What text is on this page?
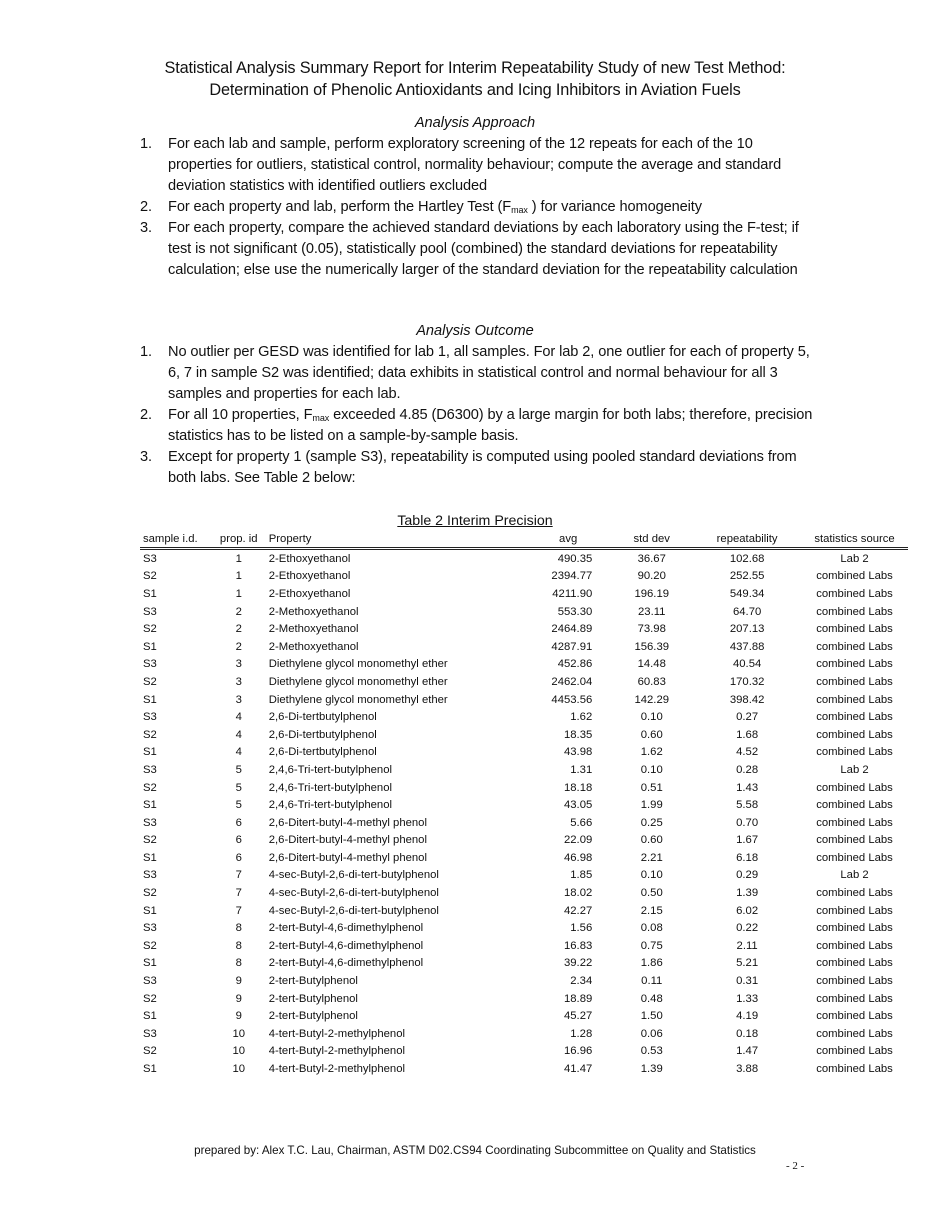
Statistical Analysis Summary Report for Interim Repeatability Study of new Test Method:
Determination of Phenolic Antioxidants and Icing Inhibitors in Aviation Fuels
Analysis Approach
1. For each lab and sample, perform exploratory screening of the 12 repeats for each of the 10 properties for outliers, statistical control, normality behaviour; compute the average and standard deviation statistics with identified outliers excluded
2. For each property and lab, perform the Hartley Test ($F_{max}$ ) for variance homogeneity
3. For each property, compare the achieved standard deviations by each laboratory using the F-test; if test is not significant (0.05), statistically pool (combined) the standard deviations for repeatability calculation; else use the numerically larger of the standard deviation for the repeatability calculation
Analysis Outcome
1. No outlier per GESD was identified for lab 1, all samples. For lab 2, one outlier for each of property 5, 6, 7 in sample S2 was identified; data exhibits in statistical control and normal behaviour for all 3 samples and properties for each lab.
2. For all 10 properties, $F_{max}$ exceeded 4.85 (D6300) by a large margin for both labs; therefore, precision statistics has to be listed on a sample-by-sample basis.
3. Except for property 1 (sample S3), repeatability is computed using pooled standard deviations from both labs. See Table 2 below:
Table 2 Interim Precision
sample i.d.	prop. id	Property	avg	std dev	repeatability	statistics source
S3	1	2-Ethoxyethanol	490.35	36.67	102.68	Lab 2
S2	1	2-Ethoxyethanol	2394.77	90.20	252.55	combined Labs
S1	1	2-Ethoxyethanol	4211.90	196.19	549.34	combined Labs
S3	2	2-Methoxyethanol	553.30	23.11	64.70	combined Labs
S2	2	2-Methoxyethanol	2464.89	73.98	207.13	combined Labs
S1	2	2-Methoxyethanol	4287.91	156.39	437.88	combined Labs
S3	3	Diethylene glycol monomethyl ether	452.86	14.48	40.54	combined Labs
S2	3	Diethylene glycol monomethyl ether	2462.04	60.83	170.32	combined Labs
S1	3	Diethylene glycol monomethyl ether	4453.56	142.29	398.42	combined Labs
S3	4	2,6-Di-tertbutylphenol	1.62	0.10	0.27	combined Labs
S2	4	2,6-Di-tertbutylphenol	18.35	0.60	1.68	combined Labs
S1	4	2,6-Di-tertbutylphenol	43.98	1.62	4.52	combined Labs
S3	5	2,4,6-Tri-tert-butylphenol	1.31	0.10	0.28	Lab 2
S2	5	2,4,6-Tri-tert-butylphenol	18.18	0.51	1.43	combined Labs
S1	5	2,4,6-Tri-tert-butylphenol	43.05	1.99	5.58	combined Labs
S3	6	2,6-Ditert-butyl-4-methyl phenol	5.66	0.25	0.70	combined Labs
S2	6	2,6-Ditert-butyl-4-methyl phenol	22.09	0.60	1.67	combined Labs
S1	6	2,6-Ditert-butyl-4-methyl phenol	46.98	2.21	6.18	combined Labs
S3	7	4-sec-Butyl-2,6-di-tert-butylphenol	1.85	0.10	0.29	Lab 2
S2	7	4-sec-Butyl-2,6-di-tert-butylphenol	18.02	0.50	1.39	combined Labs
S1	7	4-sec-Butyl-2,6-di-tert-butylphenol	42.27	2.15	6.02	combined Labs
S3	8	2-tert-Butyl-4,6-dimethylphenol	1.56	0.08	0.22	combined Labs
S2	8	2-tert-Butyl-4,6-dimethylphenol	16.83	0.75	2.11	combined Labs
S1	8	2-tert-Butyl-4,6-dimethylphenol	39.22	1.86	5.21	combined Labs
S3	9	2-tert-Butylphenol	2.34	0.11	0.31	combined Labs
S2	9	2-tert-Butylphenol	18.89	0.48	1.33	combined Labs
S1	9	2-tert-Butylphenol	45.27	1.50	4.19	combined Labs
S3	10	4-tert-Butyl-2-methylphenol	1.28	0.06	0.18	combined Labs
S2	10	4-tert-Butyl-2-methylphenol	16.96	0.53	1.47	combined Labs
S1	10	4-tert-Butyl-2-methylphenol	41.47	1.39	3.88	combined Labs
prepared by: Alex T.C. Lau, Chairman, ASTM D02.CS94 Coordinating Subcommittee on Quality and Statistics
- 2 -
